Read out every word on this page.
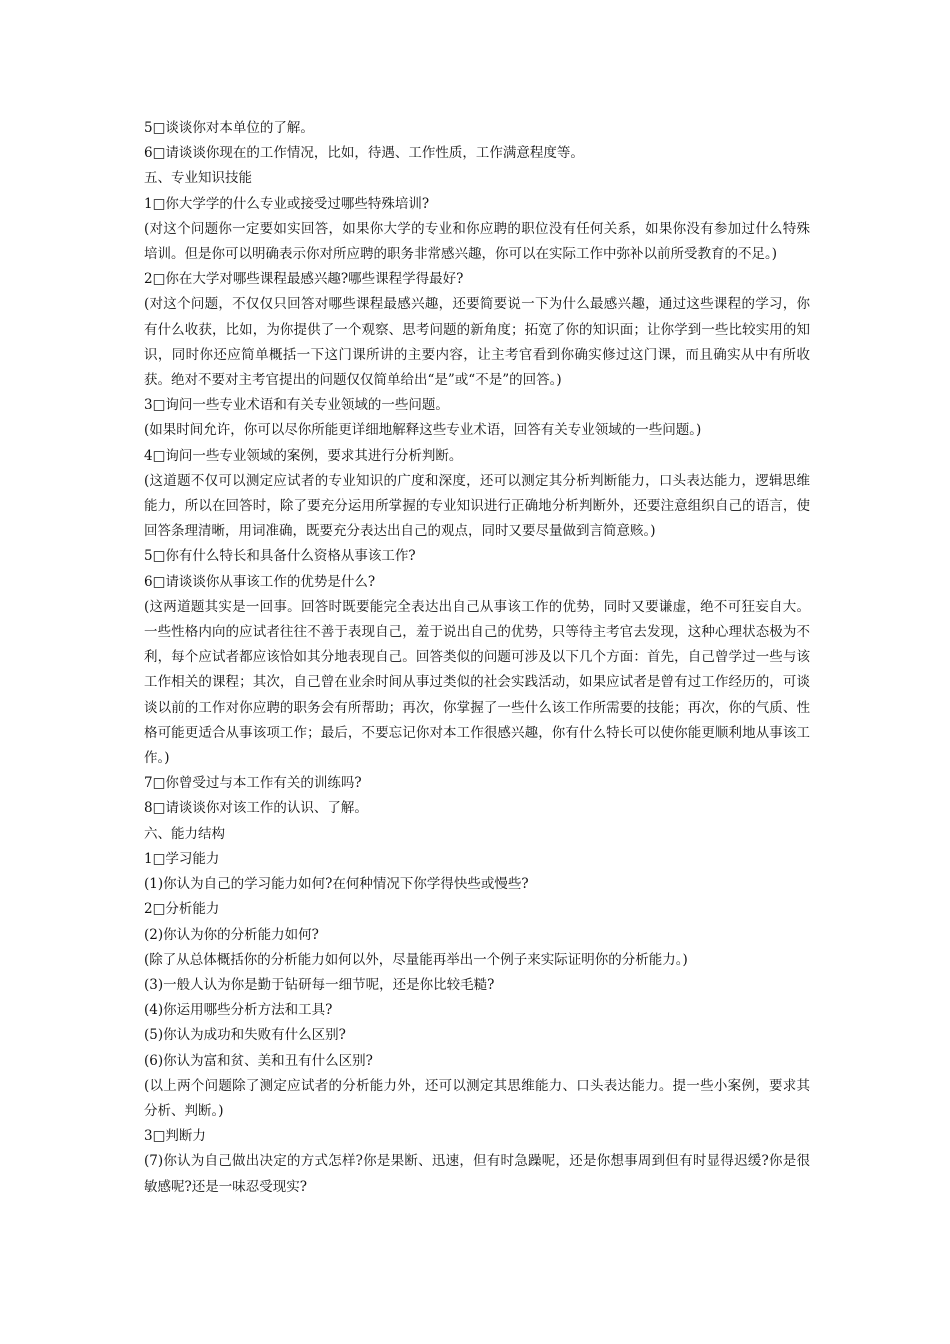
5□谈谈你对本单位的了解。

6□请谈谈你现在的工作情况，比如，待遇、工作性质，工作满意程度等。

五、专业知识技能

1□你大学学的什么专业或接受过哪些特殊培训?

(对这个问题你一定要如实回答，如果你大学的专业和你应聘的职位没有任何关系，如果你没有参加过什么特殊培训。但是你可以明确表示你对所应聘的职务非常感兴趣，你可以在实际工作中弥补以前所受教育的不足。)

2□你在大学对哪些课程最感兴趣?哪些课程学得最好?

(对这个问题，不仅仅只回答对哪些课程最感兴趣，还要简要说一下为什么最感兴趣，通过这些课程的学习，你有什么收获，比如，为你提供了一个观察、思考问题的新角度；拓宽了你的知识面；让你学到一些比较实用的知识，同时你还应简单概括一下这门课所讲的主要内容，让主考官看到你确实修过这门课，而且确实从中有所收获。绝对不要对主考官提出的问题仅仅简单给出“是”或“不是”的回答。)

3□询问一些专业术语和有关专业领域的一些问题。

(如果时间允许，你可以尽你所能更详细地解释这些专业术语，回答有关专业领域的一些问题。)

4□询问一些专业领域的案例，要求其进行分析判断。

(这道题不仅可以测定应试者的专业知识的广度和深度，还可以测定其分析判断能力，口头表达能力，逻辑思维能力，所以在回答时，除了要充分运用所掌握的专业知识进行正确地分析判断外，还要注意组织自己的语言，使回答条理清晰，用词准确，既要充分表达出自己的观点，同时又要尽量做到言简意赅。)

5□你有什么特长和具备什么资格从事该工作?

6□请谈谈你从事该工作的优势是什么?

(这两道题其实是一回事。回答时既要能完全表达出自己从事该工作的优势，同时又要谦虚，绝不可狂妄自大。一些性格内向的应试者往往不善于表现自己，羞于说出自己的优势，只等待主考官去发现，这种心理状态极为不利，每个应试者都应该恰如其分地表现自己。回答类似的问题可涉及以下几个方面：首先，自己曾学过一些与该工作相关的课程；其次，自己曾在业余时间从事过类似的社会实践活动，如果应试者是曾有过工作经历的，可谈谈以前的工作对你应聘的职务会有所帮助；再次，你掌握了一些什么该工作所需要的技能；再次，你的气质、性格可能更适合从事该项工作；最后，不要忘记你对本工作很感兴趣，你有什么特长可以使你能更顺利地从事该工作。)

7□你曾受过与本工作有关的训练吗?

8□请谈谈你对该工作的认识、了解。

六、能力结构

1□学习能力

(1)你认为自己的学习能力如何?在何种情况下你学得快些或慢些?

2□分析能力

(2)你认为你的分析能力如何?

(除了从总体概括你的分析能力如何以外，尽量能再举出一个例子来实际证明你的分析能力。)

(3)一般人认为你是勤于钻研每一细节呢，还是你比较毛糙?

(4)你运用哪些分析方法和工具?

(5)你认为成功和失败有什么区别?

(6)你认为富和贫、美和丑有什么区别?

(以上两个问题除了测定应试者的分析能力外，还可以测定其思维能力、口头表达能力。提一些小案例，要求其分析、判断。)

3□判断力

(7)你认为自己做出决定的方式怎样?你是果断、迅速，但有时急躁呢，还是你想事周到但有时显得迟缓?你是很敏感呢?还是一味忍受现实?
